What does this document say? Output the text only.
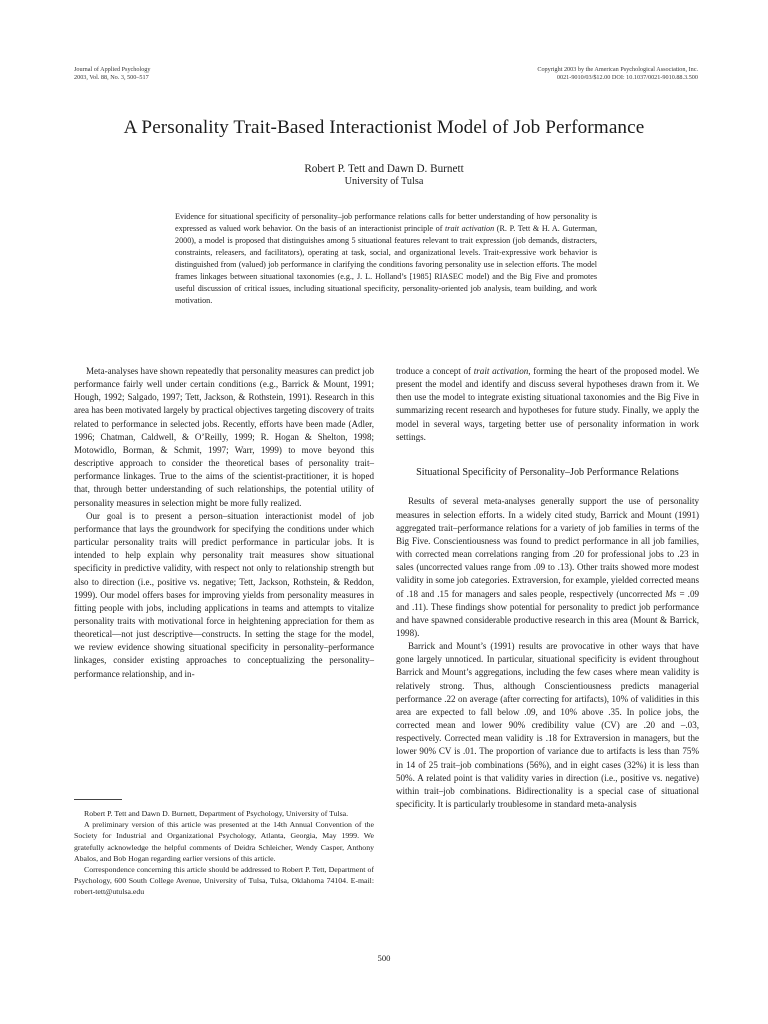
Journal of Applied Psychology
2003, Vol. 88, No. 3, 500–517
Copyright 2003 by the American Psychological Association, Inc.
0021-9010/03/$12.00 DOI: 10.1037/0021-9010.88.3.500
A Personality Trait-Based Interactionist Model of Job Performance
Robert P. Tett and Dawn D. Burnett
University of Tulsa
Evidence for situational specificity of personality–job performance relations calls for better understanding of how personality is expressed as valued work behavior. On the basis of an interactionist principle of trait activation (R. P. Tett & H. A. Guterman, 2000), a model is proposed that distinguishes among 5 situational features relevant to trait expression (job demands, distracters, constraints, releasers, and facilitators), operating at task, social, and organizational levels. Trait-expressive work behavior is distinguished from (valued) job performance in clarifying the conditions favoring personality use in selection efforts. The model frames linkages between situational taxonomies (e.g., J. L. Holland’s [1985] RIASEC model) and the Big Five and promotes useful discussion of critical issues, including situational specificity, personality-oriented job analysis, team building, and work motivation.

Meta-analyses have shown repeatedly that personality measures can predict job performance fairly well under certain conditions (e.g., Barrick & Mount, 1991; Hough, 1992; Salgado, 1997; Tett, Jackson, & Rothstein, 1991). Research in this area has been motivated largely by practical objectives targeting discovery of traits related to performance in selected jobs. Recently, efforts have been made (Adler, 1996; Chatman, Caldwell, & O’Reilly, 1999; R. Hogan & Shelton, 1998; Motowidlo, Borman, & Schmit, 1997; Warr, 1999) to move beyond this descriptive approach to consider the theoretical bases of personality trait–performance linkages. True to the aims of the scientist-practitioner, it is hoped that, through better understanding of such relationships, the potential utility of personality measures in selection might be more fully realized.

Our goal is to present a person–situation interactionist model of job performance that lays the groundwork for specifying the conditions under which particular personality traits will predict performance in particular jobs. It is intended to help explain why personality trait measures show situational specificity in predictive validity, with respect not only to relationship strength but also to direction (i.e., positive vs. negative; Tett, Jackson, Rothstein, & Reddon, 1999). Our model offers bases for improving yields from personality measures in fitting people with jobs, including applications in teams and attempts to vitalize personality traits with motivational force in heightening appreciation for them as theoretical—not just descriptive—constructs. In setting the stage for the model, we review evidence showing situational specificity in personality–performance linkages, consider existing approaches to conceptualizing the personality–performance relationship, and in-

Robert P. Tett and Dawn D. Burnett, Department of Psychology, University of Tulsa.

A preliminary version of this article was presented at the 14th Annual Convention of the Society for Industrial and Organizational Psychology, Atlanta, Georgia, May 1999. We gratefully acknowledge the helpful comments of Deidra Schleicher, Wendy Casper, Anthony Abalos, and Bob Hogan regarding earlier versions of this article.

Correspondence concerning this article should be addressed to Robert P. Tett, Department of Psychology, 600 South College Avenue, University of Tulsa, Tulsa, Oklahoma 74104. E-mail: robert-tett@utulsa.edu

troduce a concept of trait activation, forming the heart of the proposed model. We present the model and identify and discuss several hypotheses drawn from it. We then use the model to integrate existing situational taxonomies and the Big Five in summarizing recent research and hypotheses for future study. Finally, we apply the model in several ways, targeting better use of personality information in work settings.

Situational Specificity of Personality–Job Performance Relations

Results of several meta-analyses generally support the use of personality measures in selection efforts. In a widely cited study, Barrick and Mount (1991) aggregated trait–performance relations for a variety of job families in terms of the Big Five. Conscientiousness was found to predict performance in all job families, with corrected mean correlations ranging from .20 for professional jobs to .23 in sales (uncorrected values range from .09 to .13). Other traits showed more modest validity in some job categories. Extraversion, for example, yielded corrected means of .18 and .15 for managers and sales people, respectively (uncorrected Ms = .09 and .11). These findings show potential for personality to predict job performance and have spawned considerable productive research in this area (Mount & Barrick, 1998).

Barrick and Mount’s (1991) results are provocative in other ways that have gone largely unnoticed. In particular, situational specificity is evident throughout Barrick and Mount’s aggregations, including the few cases where mean validity is relatively strong. Thus, although Conscientiousness predicts managerial performance .22 on average (after correcting for artifacts), 10% of validities in this area are expected to fall below .09, and 10% above .35. In police jobs, the corrected mean and lower 90% credibility value (CV) are .20 and –.03, respectively. Corrected mean validity is .18 for Extraversion in managers, but the lower 90% CV is .01. The proportion of variance due to artifacts is less than 75% in 14 of 25 trait–job combinations (56%), and in eight cases (32%) it is less than 50%. A related point is that validity varies in direction (i.e., positive vs. negative) within trait–job combinations. Bidirectionality is a special case of situational specificity. It is particularly troublesome in standard meta-analysis

500
